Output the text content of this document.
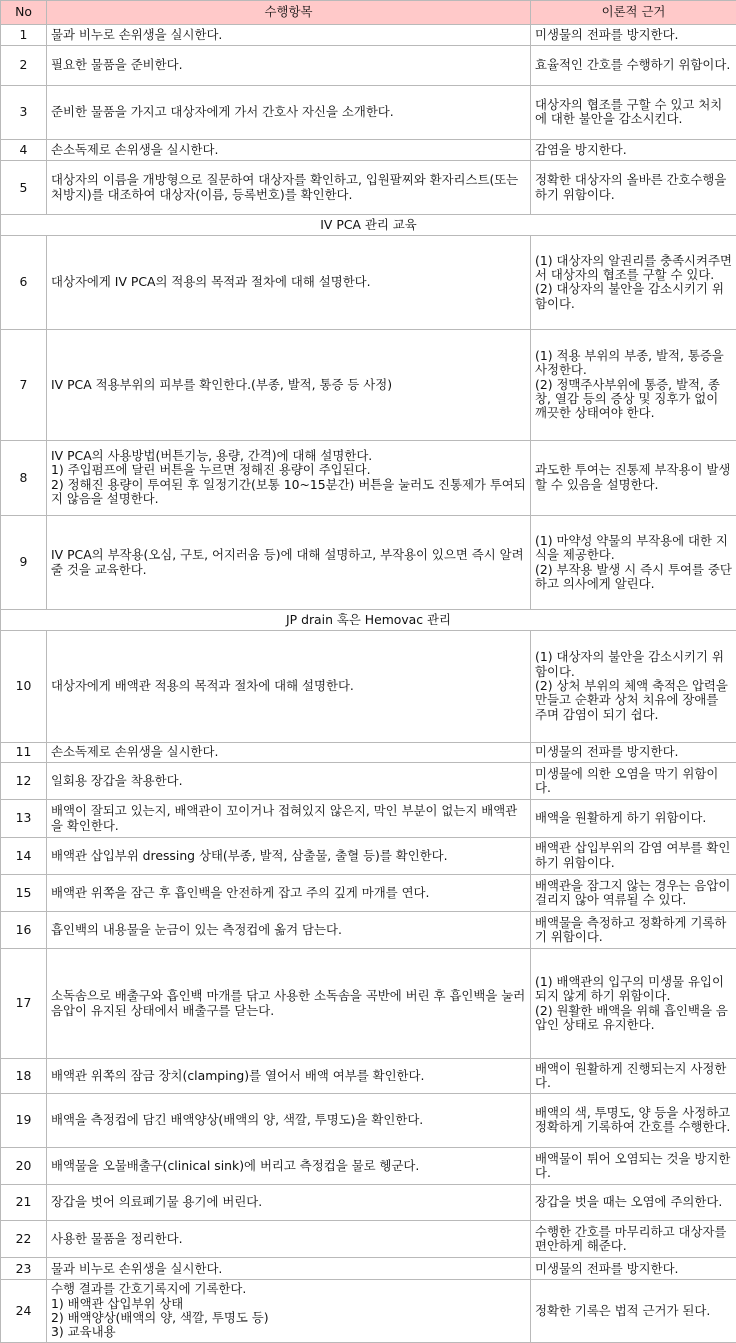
No	수행항목	이론적 근거
1	물과 비누로 손위생을 실시한다.	미생물의 전파를 방지한다.
2	필요한 물품을 준비한다.	효율적인 간호를 수행하기 위함이다.
3	준비한 물품을 가지고 대상자에게 가서 간호사 자신을 소개한다.	대상자의 협조를 구할 수 있고 처치에 대한 불안을 감소시킨다.
4	손소독제로 손위생을 실시한다.	감염을 방지한다.
5	대상자의 이름을 개방형으로 질문하여 대상자를 확인하고, 입원팔찌와 환자리스트(또는 처방지)를 대조하여 대상자(이름, 등록번호)를 확인한다.	정확한 대상자의 올바른 간호수행을 하기 위함이다.
IV PCA 관리 교육		
6	대상자에게 IV PCA의 적용의 목적과 절차에 대해 설명한다.	(1) 대상자의 알권리를 충족시켜주면서 대상자의 협조를 구할 수 있다.
(2) 대상자의 불안을 감소시키기 위함이다.
7	IV PCA 적용부위의 피부를 확인한다.(부종, 발적, 통증 등 사정)	(1) 적용 부위의 부종, 발적, 통증을 사정한다.
(2) 정맥주사부위에 통증, 발적, 종창, 열감 등의 증상 및 징후가 없이 깨끗한 상태여야 한다.
8	IV PCA의 사용방법(버튼기능, 용량, 간격)에 대해 설명한다.
1) 주입펌프에 달린 버튼을 누르면 정해진 용량이 주입된다.
2) 정해진 용량이 투여된 후 일정기간(보통 10~15분간) 버튼을 눌러도 진통제가 투여되지 않음을 설명한다.	과도한 투여는 진통제 부작용이 발생할 수 있음을 설명한다.
9	IV PCA의 부작용(오심, 구토, 어지러움 등)에 대해 설명하고, 부작용이 있으면 즉시 알려줄 것을 교육한다.	(1) 마약성 약물의 부작용에 대한 지식을 제공한다.
(2) 부작용 발생 시 즉시 투여를 중단하고 의사에게 알린다.
JP drain 혹은 Hemovac 관리		
10	대상자에게 배액관 적용의 목적과 절차에 대해 설명한다.	(1) 대상자의 불안을 감소시키기 위함이다.
(2) 상처 부위의 체액 축적은 압력을 만들고 순환과 상처 치유에 장애를 주며 감염이 되기 쉽다.
11	손소독제로 손위생을 실시한다.	미생물의 전파를 방지한다.
12	일회용 장갑을 착용한다.	미생물에 의한 오염을 막기 위함이다.
13	배액이 잘되고 있는지, 배액관이 꼬이거나 접혀있지 않은지, 막인 부분이 없는지 배액관을 확인한다.	배액을 원활하게 하기 위함이다.
14	배액관 삽입부위 dressing 상태(부종, 발적, 삼출물, 출혈 등)를 확인한다.	배액관 삽입부위의 감염 여부를 확인하기 위함이다.
15	배액관 위쪽을 잠근 후 흡인백을 안전하게 잡고 주의 깊게 마개를 연다.	배액관을 잠그지 않는 경우는 음압이 걸리지 않아 역류될 수 있다.
16	흡인백의 내용물을 눈금이 있는 측정컵에 옮겨 담는다.	배액물을 측정하고 정확하게 기록하기 위함이다.
17	소독솜으로 배출구와 흡인백 마개를 닦고 사용한 소독솜을 곡반에 버린 후 흡인백을 눌러 음압이 유지된 상태에서 배출구를 닫는다.	(1) 배액관의 입구의 미생물 유입이 되지 않게 하기 위함이다.
(2) 원활한 배액을 위해 흡인백을 음압인 상태로 유지한다.
18	배액관 위쪽의 잠금 장치(clamping)를 열어서 배액 여부를 확인한다.	배액이 원활하게 진행되는지 사정한다.
19	배액을 측정컵에 담긴 배액양상(배액의 양, 색깔, 투명도)을 확인한다.	배액의 색, 투명도, 양 등을 사정하고 정확하게 기록하여 간호를 수행한다.
20	배액물을 오물배출구(clinical sink)에 버리고 측정컵을 물로 헹군다.	배액물이 튀어 오염되는 것을 방지한다.
21	장갑을 벗어 의료폐기물 용기에 버린다.	장갑을 벗을 때는 오염에 주의한다.
22	사용한 물품을 정리한다.	수행한 간호를 마무리하고 대상자를 편안하게 해준다.
23	물과 비누로 손위생을 실시한다.	미생물의 전파를 방지한다.
24	수행 결과를 간호기록지에 기록한다.
1) 배액관 삽입부위 상태
2) 배액양상(배액의 양, 색깔, 투명도 등)
3) 교육내용	정확한 기록은 법적 근거가 된다.
